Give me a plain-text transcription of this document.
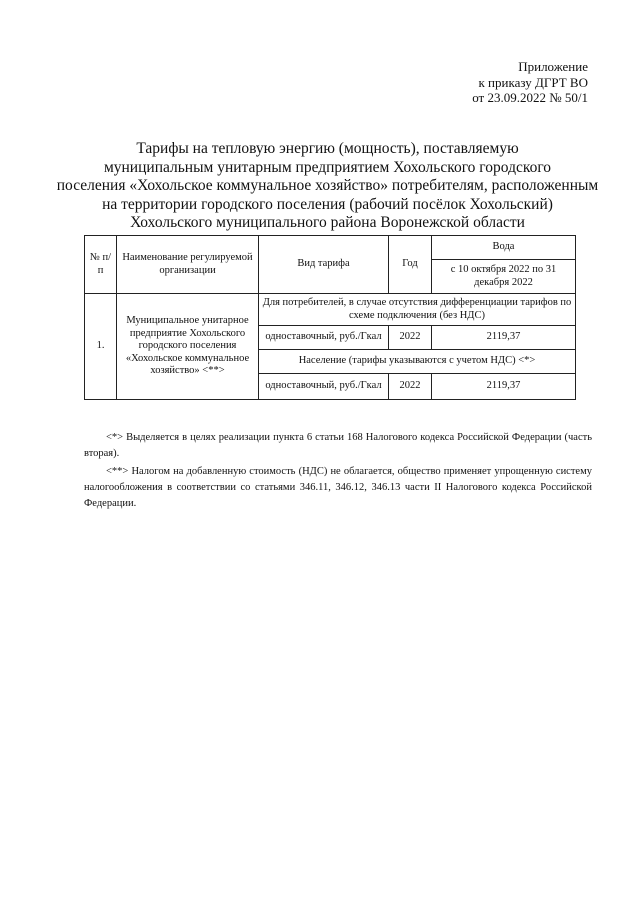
Приложение
к приказу ДГРТ ВО
от 23.09.2022 № 50/1
Тарифы на тепловую энергию (мощность), поставляемую
муниципальным унитарным предприятием Хохольского городского
поселения «Хохольское коммунальное хозяйство» потребителям, расположенным
на территории городского поселения (рабочий посёлок Хохольский)
Хохольского муниципального района Воронежской области
№ п/п	Наименование регулируемой организации	Вид тарифа	Год	Вода
				с 10 октября 2022 по 31 декабря 2022
1.	Муниципальное унитарное предприятие Хохольского городского поселения «Хохольское коммунальное хозяйство» <**>	Для потребителей, в случае отсутствия дифференциации тарифов по схеме подключения (без НДС)		
		одноставочный, руб./Гкал	2022	2119,37
		Население (тарифы указываются с учетом НДС) <*>		
		одноставочный, руб./Гкал	2022	2119,37

<*> Выделяется в целях реализации пункта 6 статьи 168 Налогового кодекса Российской Федерации (часть вторая).

<**> Налогом на добавленную стоимость (НДС) не облагается, общество применяет упрощенную систему налогообложения в соответствии со статьями 346.11, 346.12, 346.13 части II Налогового кодекса Российской Федерации.
